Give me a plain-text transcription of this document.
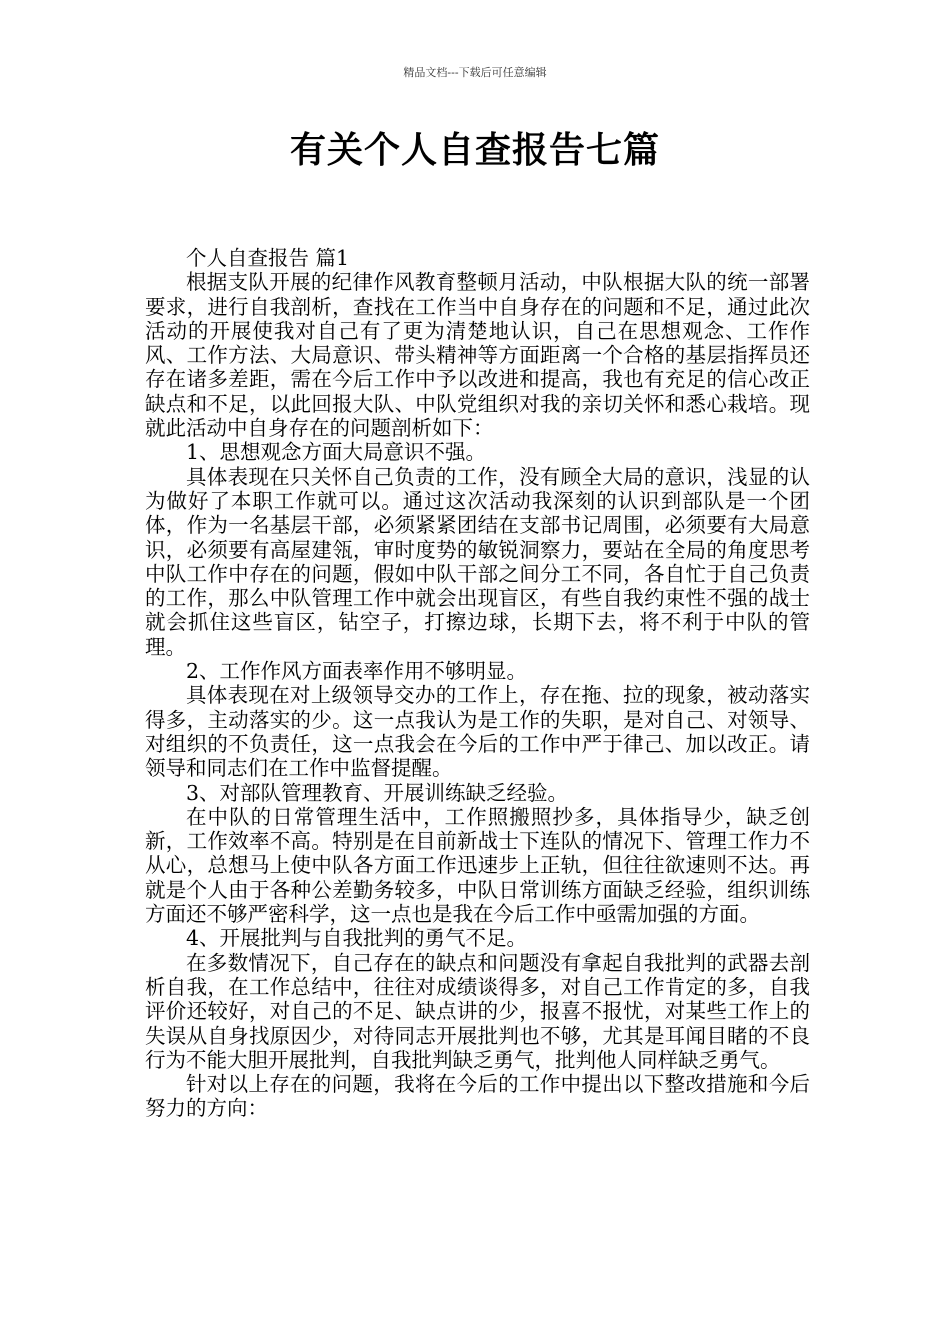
精品文档---下载后可任意编辑
有关个人自查报告七篇

个人自查报告 篇1

根据支队开展的纪律作风教育整顿月活动，中队根据大队的统一部署要求，进行自我剖析，查找在工作当中自身存在的问题和不足，通过此次活动的开展使我对自己有了更为清楚地认识，自己在思想观念、工作作风、工作方法、大局意识、带头精神等方面距离一个合格的基层指挥员还存在诸多差距，需在今后工作中予以改进和提高，我也有充足的信心改正缺点和不足，以此回报大队、中队党组织对我的亲切关怀和悉心栽培。现就此活动中自身存在的问题剖析如下：

1、思想观念方面大局意识不强。

具体表现在只关怀自己负责的工作，没有顾全大局的意识，浅显的认为做好了本职工作就可以。通过这次活动我深刻的认识到部队是一个团体，作为一名基层干部，必须紧紧团结在支部书记周围，必须要有大局意识，必须要有高屋建瓴，审时度势的敏锐洞察力，要站在全局的角度思考中队工作中存在的问题，假如中队干部之间分工不同，各自忙于自己负责的工作，那么中队管理工作中就会出现盲区，有些自我约束性不强的战士就会抓住这些盲区，钻空子，打擦边球，长期下去，将不利于中队的管理。

2、工作作风方面表率作用不够明显。

具体表现在对上级领导交办的工作上，存在拖、拉的现象，被动落实得多，主动落实的少。这一点我认为是工作的失职，是对自己、对领导、对组织的不负责任，这一点我会在今后的工作中严于律己、加以改正。请领导和同志们在工作中监督提醒。

3、对部队管理教育、开展训练缺乏经验。

在中队的日常管理生活中，工作照搬照抄多，具体指导少，缺乏创新，工作效率不高。特别是在目前新战士下连队的情况下、管理工作力不从心，总想马上使中队各方面工作迅速步上正轨，但往往欲速则不达。再就是个人由于各种公差勤务较多，中队日常训练方面缺乏经验，组织训练方面还不够严密科学，这一点也是我在今后工作中亟需加强的方面。

4、开展批判与自我批判的勇气不足。

在多数情况下，自己存在的缺点和问题没有拿起自我批判的武器去剖析自我，在工作总结中，往往对成绩谈得多，对自己工作肯定的多，自我评价还较好，对自己的不足、缺点讲的少，报喜不报忧，对某些工作上的失误从自身找原因少，对待同志开展批判也不够，尤其是耳闻目睹的不良行为不能大胆开展批判，自我批判缺乏勇气，批判他人同样缺乏勇气。

针对以上存在的问题，我将在今后的工作中提出以下整改措施和今后努力的方向：
